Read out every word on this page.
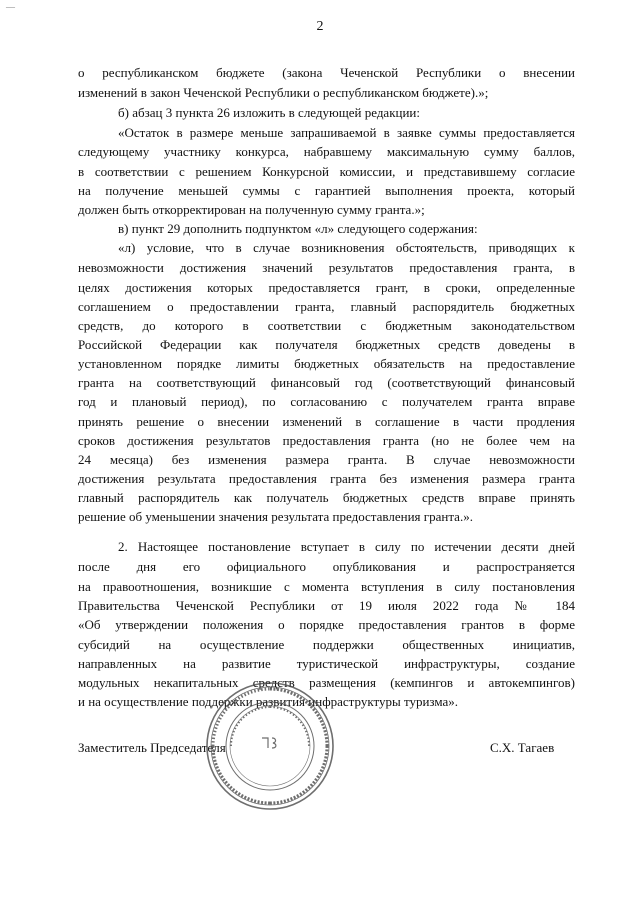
—
2
о республиканском бюджете (закона Чеченской Республики о внесении
изменений в закон Чеченской Республики о республиканском бюджете).»;
б) абзац 3 пункта 26 изложить в следующей редакции:
«Остаток в размере меньше запрашиваемой в заявке суммы предоставляется
следующему участнику конкурса, набравшему максимальную сумму баллов,
в соответствии с решением Конкурсной комиссии, и представившему согласие
на получение меньшей суммы с гарантией выполнения проекта, который
должен быть откорректирован на полученную сумму гранта.»;
в) пункт 29 дополнить подпунктом «л» следующего содержания:
«л) условие, что в случае возникновения обстоятельств, приводящих к
невозможности достижения значений результатов предоставления гранта, в
целях достижения которых предоставляется грант, в сроки, определенные
соглашением о предоставлении гранта, главный распорядитель бюджетных
средств, до которого в соответствии с бюджетным законодательством
Российской Федерации как получателя бюджетных средств доведены в
установленном порядке лимиты бюджетных обязательств на предоставление
гранта на соответствующий финансовый год (соответствующий финансовый
год и плановый период), по согласованию с получателем гранта вправе
принять решение о внесении изменений в соглашение в части продления
сроков достижения результатов предоставления гранта (но не более чем на
24 месяца) без изменения размера гранта. В случае невозможности
достижения результата предоставления гранта без изменения размера гранта
главный распорядитель как получатель бюджетных средств вправе принять
решение об уменьшении значения результата предоставления гранта.».
2. Настоящее постановление вступает в силу по истечении десяти дней
после дня его официального опубликования и распространяется
на правоотношения, возникшие с момента вступления в силу постановления
Правительства Чеченской Республики от 19 июля 2022 года № 184
«Об утверждении положения о порядке предоставления грантов в форме
субсидий на осуществление поддержки общественных инициатив,
направленных на развитие туристической инфраструктуры, создание
модульных некапитальных средств размещения (кемпингов и автокемпингов)
и на осуществление поддержки развития инфраструктуры туризма».
Заместитель Председателя	С.Х. Тагаев
